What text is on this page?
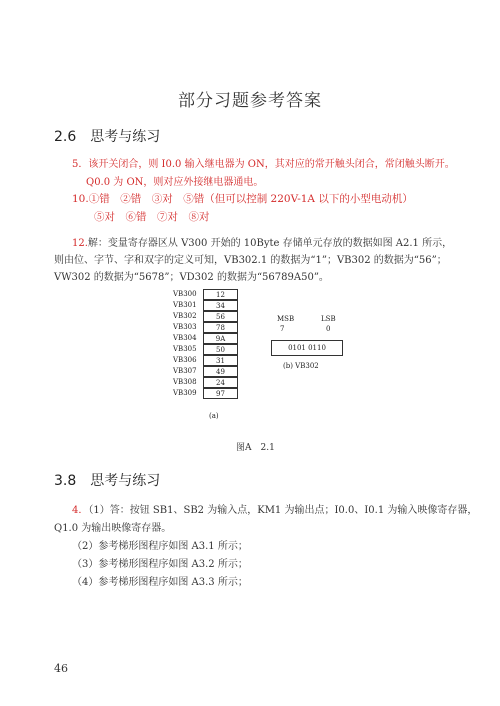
部分习题参考答案
2.6　思考与练习
5．该开关闭合，则 I0.0 输入继电器为 ON，其对应的常开触头闭合，常闭触头断开。
Q0.0 为 ON，则对应外接继电器通电。
10.①错　②错　③对　⑤错（但可以控制 220V-1A 以下的小型电动机）
⑤对　⑥错　⑦对　⑧对
12.解：变量寄存器区从 V300 开始的 10Byte 存储单元存放的数据如图 A2.1 所示，　则由位、字节、字和双字的定义可知，VB302.1 的数据为“1”；VB302 的数据为“56”；VW302 的数据为“5678”；VD302 的数据为“56789A50”。
VB300	12
VB301	34
VB302	56
VB303	78
VB304	9A
VB305	50
VB306	31
VB307	49
VB308	24
VB309	97
(a)
MSB	LSB
7	0
0101 0110
(b) VB302
图A　2.1
3.8　思考与练习
4．（1）答：按钮 SB1、SB2 为输入点，KM1 为输出点；I0.0、I0.1 为输入映像寄存器，
Q1.0 为输出映像寄存器。
（2）参考梯形图程序如图 A3.1 所示；
（3）参考梯形图程序如图 A3.2 所示；
（4）参考梯形图程序如图 A3.3 所示；
46
